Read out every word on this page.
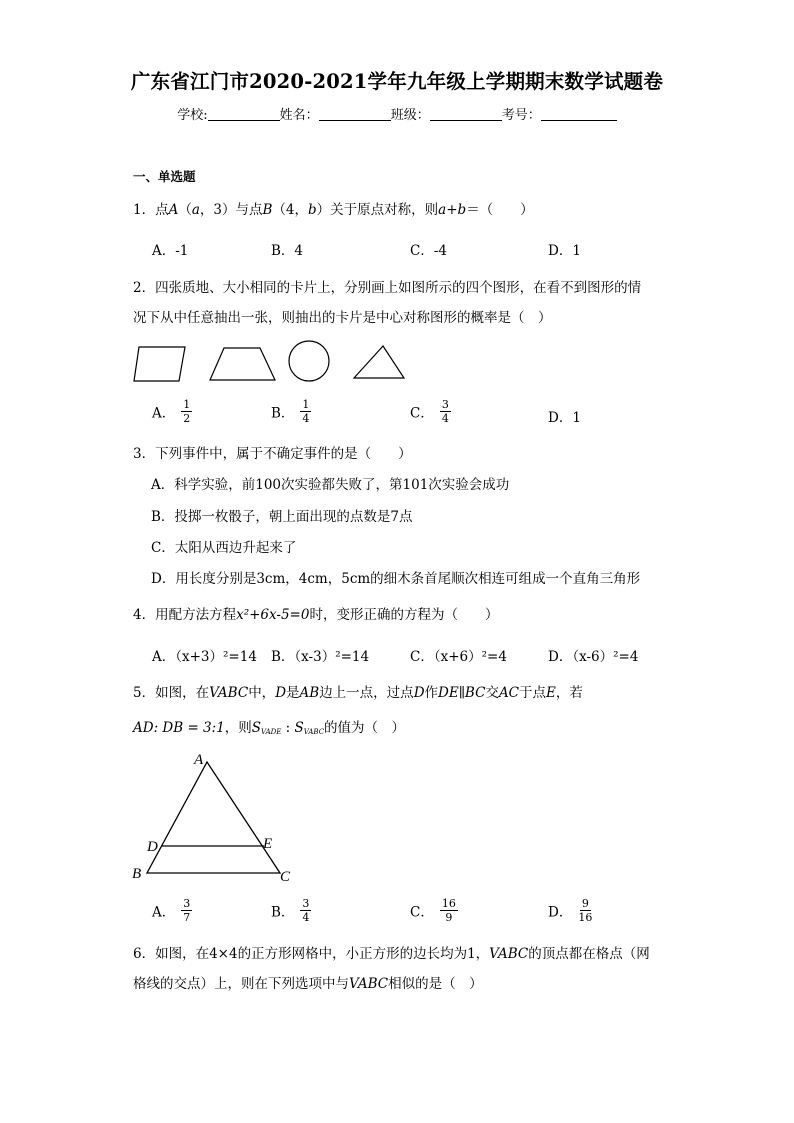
广东省江门市2020-2021学年九年级上学期期末数学试题卷
学校:	姓名：	班级：	考号：
一、单选题
1．点A（a，3）与点B（4，b）关于原点对称，则a+b＝（　　）
A．-1	B．4	C．-4	D．1
2．四张质地、大小相同的卡片上，分别画上如图所示的四个图形，在看不到图形的情
况下从中任意抽出一张，则抽出的卡片是中心对称图形的概率是（　）
A． $\frac{1}{2}$	B． $\frac{1}{4}$	C． $\frac{3}{4}$	D．1
3．下列事件中，属于不确定事件的是（　　）
A．科学实验，前100次实验都失败了，第101次实验会成功
B．投掷一枚骰子，朝上面出现的点数是7点
C．太阳从西边升起来了
D．用长度分别是3cm，4cm，5cm的细木条首尾顺次相连可组成一个直角三角形
4．用配方法方程x²+6x-5=0时，变形正确的方程为（　　）
A．（x+3）²=14 B．（x-3）²=14	C．（x+6）²=4	D．（x-6）²=4
5．如图，在VABC中，D是AB边上一点，过点D作DE∥BC交AC于点E，若
AD: DB = 3:1，则$S_{VADE}$ : $S_{VABC}$的值为（　）
A
B	C
D	E
A． $\frac{3}{7}$	B． $\frac{3}{4}$	C． $\frac{16}{9}$	D． $\frac{9}{16}$
6．如图，在4×4的正方形网格中，小正方形的边长均为1，VABC的顶点都在格点（网
格线的交点）上，则在下列选项中与VABC相似的是（　）
